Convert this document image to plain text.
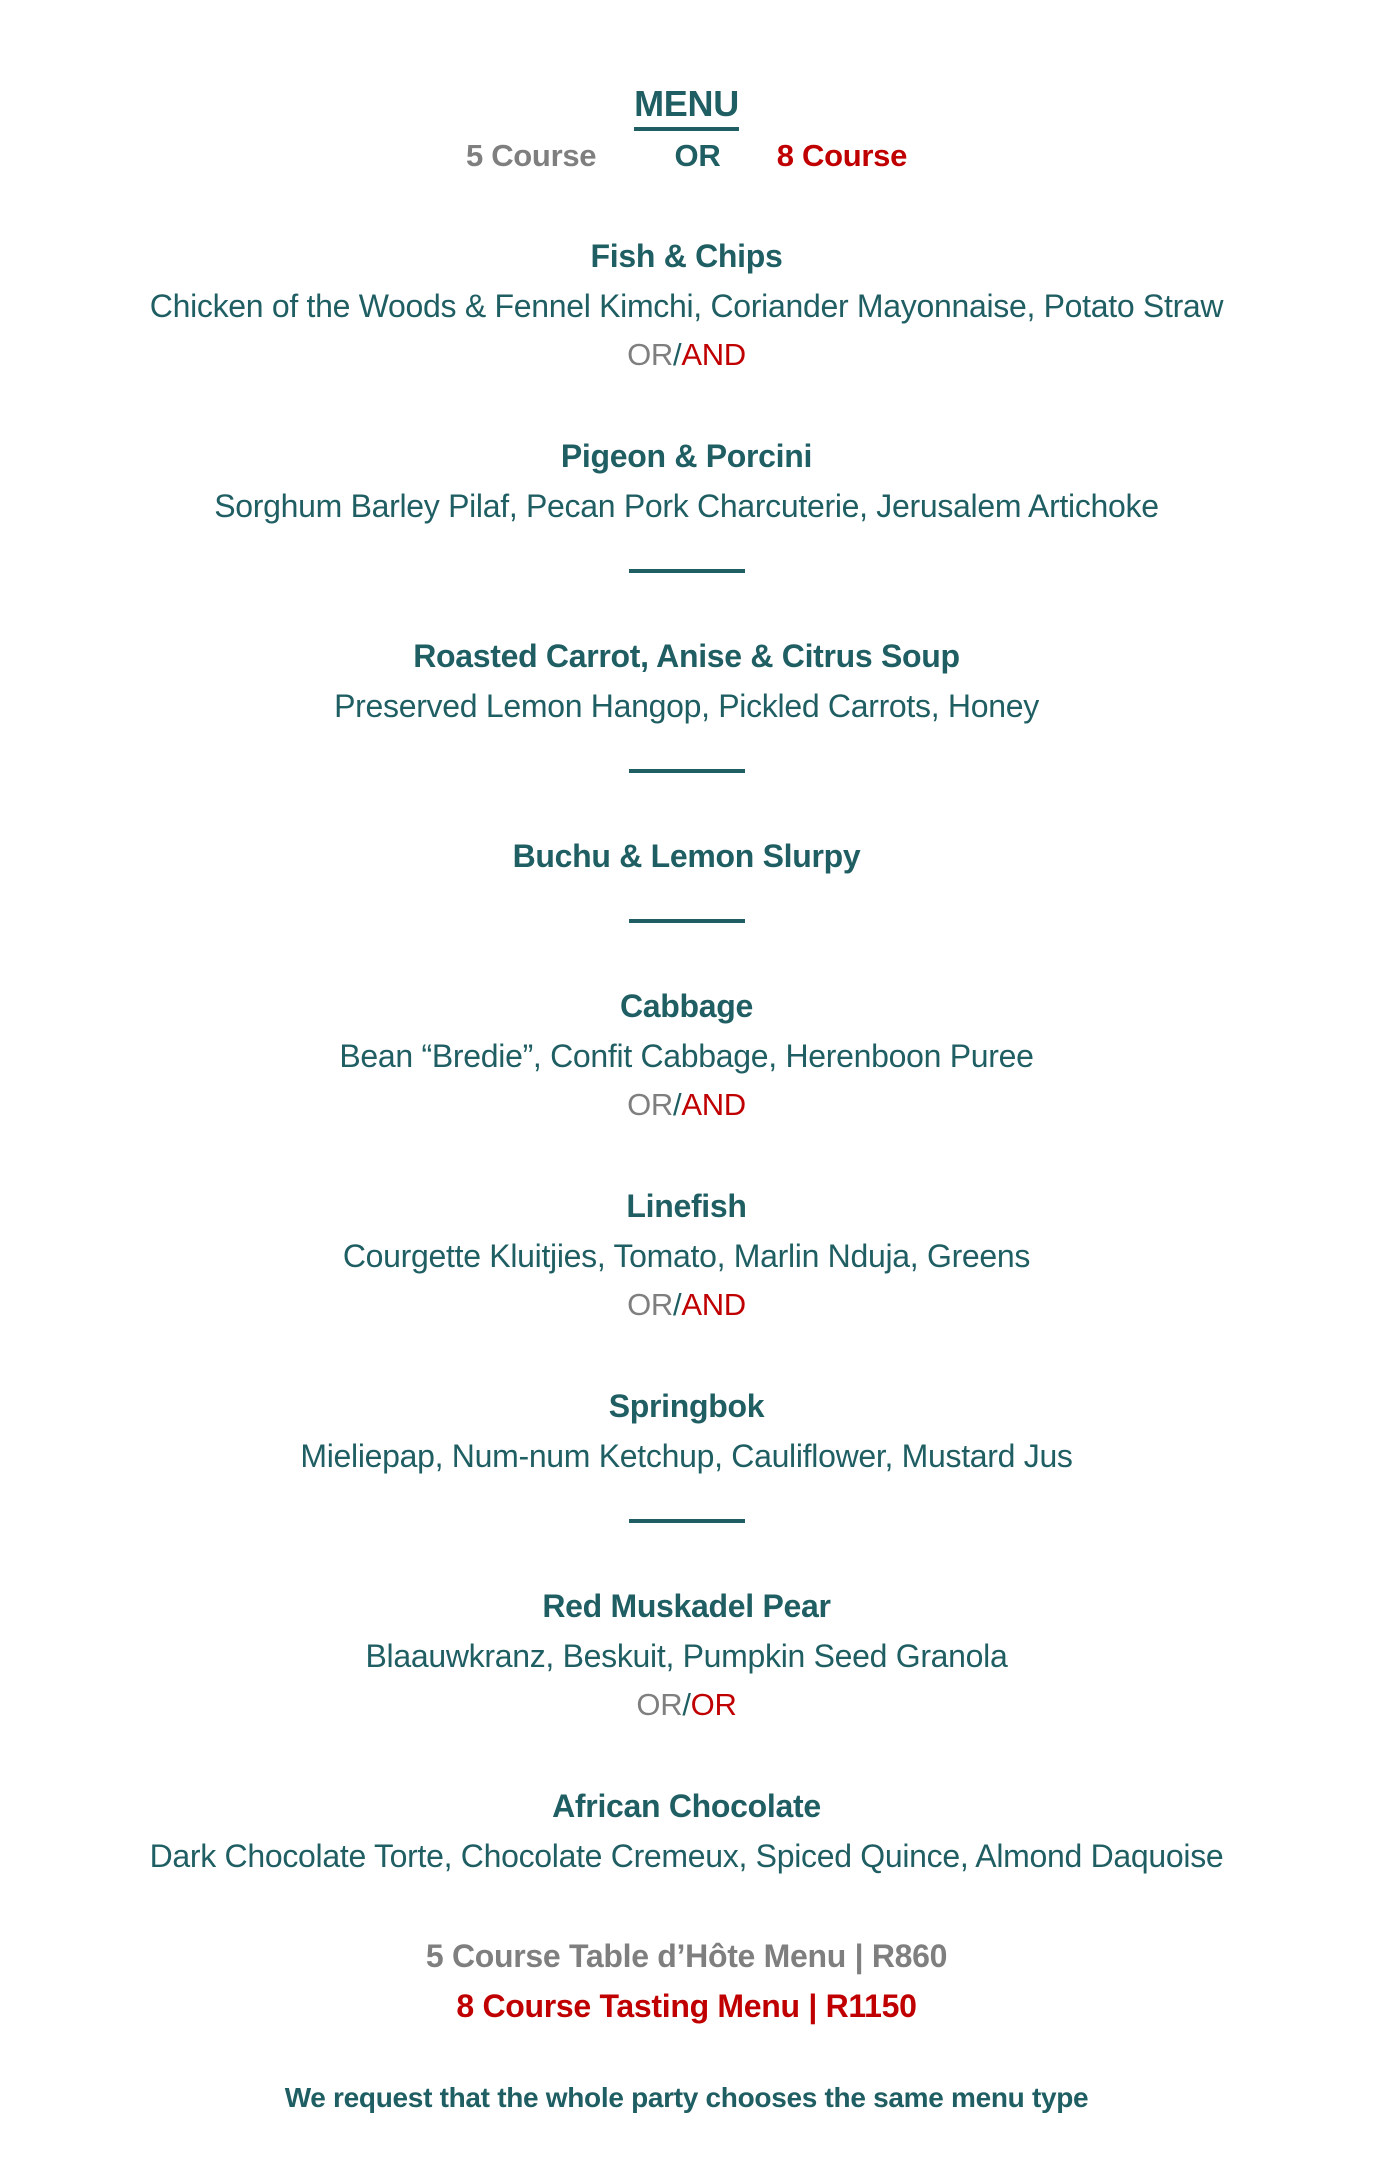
MENU
5 Course	OR 8 Course
Fish & Chips

Chicken of the Woods & Fennel Kimchi, Coriander Mayonnaise, Potato Straw

OR/AND
Pigeon & Porcini

Sorghum Barley Pilaf, Pecan Pork Charcuterie, Jerusalem Artichoke

Roasted Carrot, Anise & Citrus Soup

Preserved Lemon Hangop, Pickled Carrots, Honey

Buchu & Lemon Slurpy
Cabbage

Bean “Bredie”, Confit Cabbage, Herenboon Puree

OR/AND
Linefish

Courgette Kluitjies, Tomato, Marlin Nduja, Greens

OR/AND
Springbok

Mieliepap, Num-num Ketchup, Cauliflower, Mustard Jus

Red Muskadel Pear

Blaauwkranz, Beskuit, Pumpkin Seed Granola

OR/OR
African Chocolate

Dark Chocolate Torte, Chocolate Cremeux, Spiced Quince, Almond Daquoise

5 Course Table d’Hôte Menu | R860

8 Course Tasting Menu | R1150

We request that the whole party chooses the same menu type
